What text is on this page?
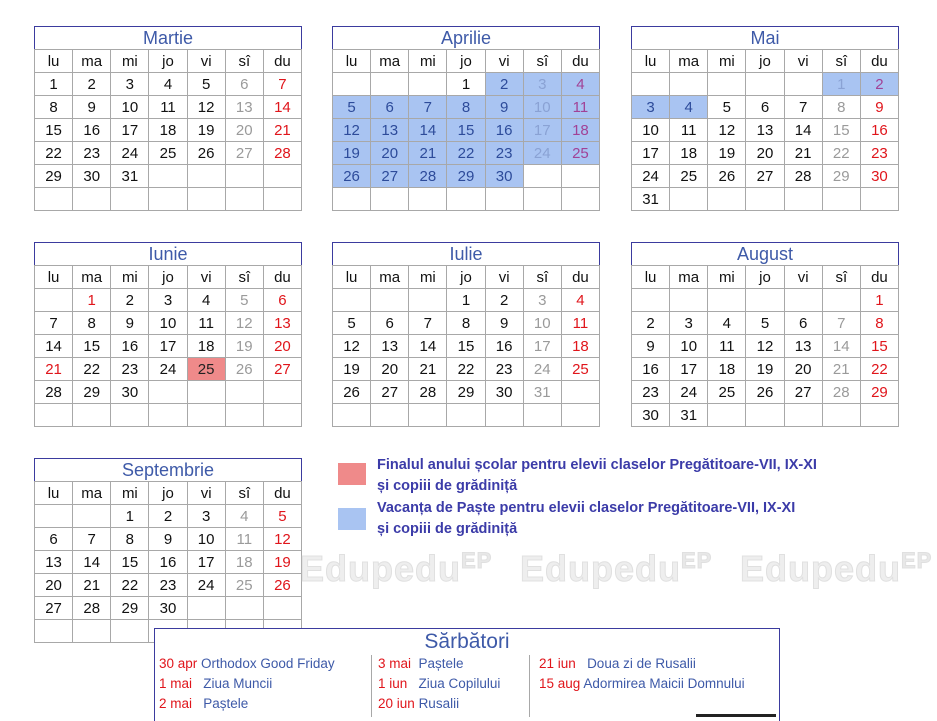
Martie						
lu	ma	mi	jo	vi	sî	du
1	2	3	4	5	6	7
8	9	10	11	12	13	14
15	16	17	18	19	20	21
22	23	24	25	26	27	28
29	30	31				

Aprilie						
lu	ma	mi	jo	vi	sî	du
			1	2	3	4
5	6	7	8	9	10	11
12	13	14	15	16	17	18
19	20	21	22	23	24	25
26	27	28	29	30		

Mai						
lu	ma	mi	jo	vi	sî	du
					1	2
3	4	5	6	7	8	9
10	11	12	13	14	15	16
17	18	19	20	21	22	23
24	25	26	27	28	29	30
31						
Iunie						
lu	ma	mi	jo	vi	sî	du
	1	2	3	4	5	6
7	8	9	10	11	12	13
14	15	16	17	18	19	20
21	22	23	24	25	26	27
28	29	30				

Iulie						
lu	ma	mi	jo	vi	sî	du
			1	2	3	4
5	6	7	8	9	10	11
12	13	14	15	16	17	18
19	20	21	22	23	24	25
26	27	28	29	30	31	

August						
lu	ma	mi	jo	vi	sî	du
						1
2	3	4	5	6	7	8
9	10	11	12	13	14	15
16	17	18	19	20	21	22
23	24	25	26	27	28	29
30	31					
Septembrie						
lu	ma	mi	jo	vi	sî	du
		1	2	3	4	5
6	7	8	9	10	11	12
13	14	15	16	17	18	19
20	21	22	23	24	25	26
27	28	29	30			

Edupedu$^{EP}$ Edupedu$^{EP}$ Edupedu$^{EP}$
Finalul anului școlar pentru elevii claselor Pregătitoare-VII, IX-XI
și copiii de grădiniță
Vacanța de Paște pentru elevii claselor Pregătitoare-VII, IX-XI
și copiii de grădiniță
Sărbători
30 apr Orthodox Good Friday
1 mai Ziua Muncii
2 mai Paștele
3 mai Paștele
1 iun Ziua Copilului
20 iun Rusalii
21 iun Doua zi de Rusalii
15 aug Adormirea Maicii Domnului
